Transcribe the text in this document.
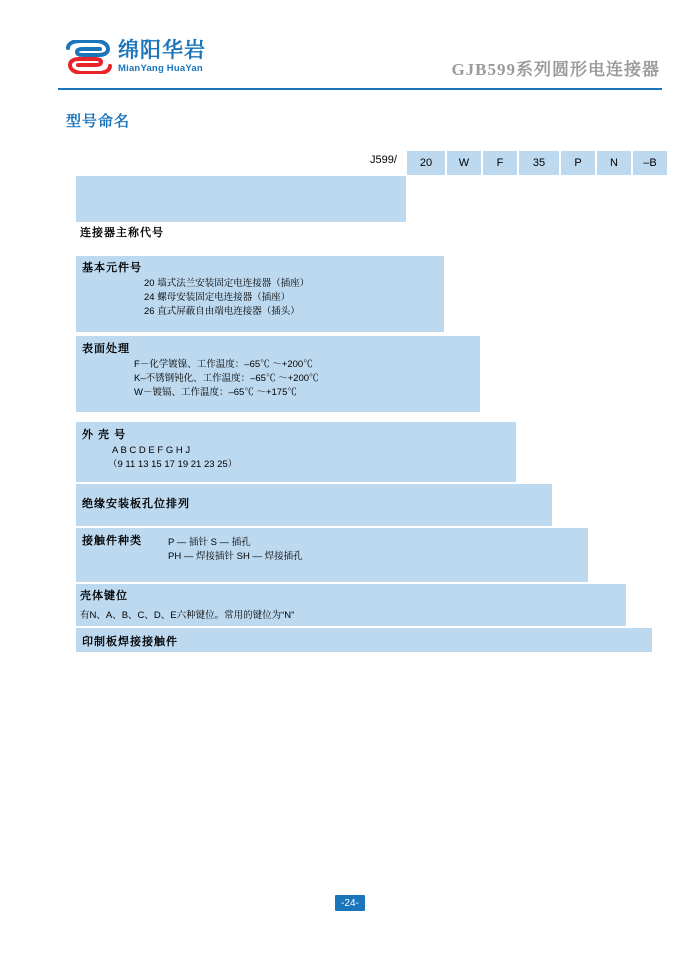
绵阳华岩
MianYang HuaYan	GJB599系列圆形电连接器
型号命名
J599/	20	W	F	35	P	N	–B
连接器主称代号
基本元件号
20 墙式法兰安装固定电连接器（插座）
24 螺母安装固定电连接器（插座）
26 直式屏蔽自由端电连接器（插头）
表面处理
F－化学镀镍、工作温度：–65℃ ～+200℃
K–不锈钢钝化、工作温度：–65℃ ～+200℃
W－镀镉、工作温度：–65℃ ～+175℃
外 壳 号
A B C D E F G H J
（9 11 13 15 17 19 21 23 25）
绝缘安装板孔位排列
接触件种类	P — 插针 S — 插孔
PH — 焊接插针 SH — 焊接插孔
壳体键位
有N、A、B、C、D、E六种键位。常用的键位为“N”
印制板焊接接触件
-24-
